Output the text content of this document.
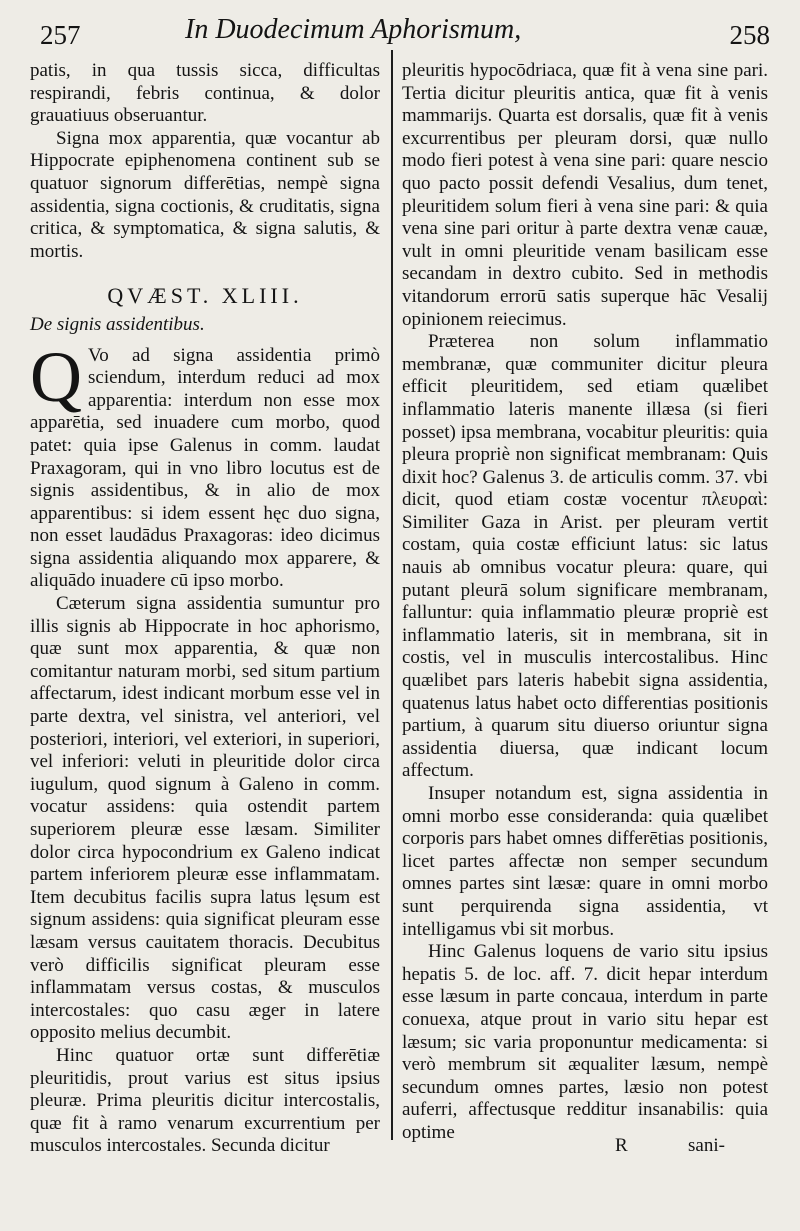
257	In Duodecimum Aphorismum,	258

patis, in qua tussis sicca, difficultas respirandi, febris continua, & dolor grauatiuus obseruantur.

Signa mox apparentia, quæ vocantur ab Hippocrate epiphenomena continent sub se quatuor signorum differētias, nempè signa assidentia, signa coctionis, & cruditatis, signa critica, & symptomatica, & signa salutis, & mortis.

QVÆST. XLIII.

De signis assidentibus.

Q Vo ad signa assidentia primò sciendum, interdum reduci ad mox apparentia: interdum non esse mox apparētia, sed inuadere cum morbo, quod patet: quia ipse Galenus in comm. laudat Praxagoram, qui in vno libro locutus est de signis assidentibus, & in alio de mox apparentibus: si idem essent hęc duo signa, non esset laudādus Praxagoras: ideo dicimus signa assidentia aliquando mox apparere, & aliquādo inuadere cū ipso morbo.

Cæterum signa assidentia sumuntur pro illis signis ab Hippocrate in hoc aphorismo, quæ sunt mox apparentia, & quæ non comitantur naturam morbi, sed situm partium affectarum, idest indicant morbum esse vel in parte dextra, vel sinistra, vel anteriori, vel posteriori, interiori, vel exteriori, in superiori, vel inferiori: veluti in pleuritide dolor circa iugulum, quod signum à Galeno in comm. vocatur assidens: quia ostendit partem superiorem pleuræ esse læsam. Similiter dolor circa hypocondrium ex Galeno indicat partem inferiorem pleuræ esse inflammatam. Item decubitus facilis supra latus lęsum est signum assidens: quia significat pleuram esse læsam versus cauitatem thoracis. Decubitus verò difficilis significat pleuram esse inflammatam versus costas, & musculos intercostales: quo casu æger in latere opposito melius decumbit.

Hinc quatuor ortæ sunt differētiæ pleuritidis, prout varius est situs ipsius pleuræ. Prima pleuritis dicitur intercostalis, quæ fit à ramo venarum excurrentium per musculos intercostales. Secunda dicitur

pleuritis hypocōdriaca, quæ fit à vena sine pari. Tertia dicitur pleuritis antica, quæ fit à venis mammarijs. Quarta est dorsalis, quæ fit à venis excurrentibus per pleuram dorsi, quæ nullo modo fieri potest à vena sine pari: quare nescio quo pacto possit defendi Vesalius, dum tenet, pleuritidem solum fieri à vena sine pari: & quia vena sine pari oritur à parte dextra venæ cauæ, vult in omni pleuritide venam basilicam esse secandam in dextro cubito. Sed in methodis vitandorum errorū satis superque hāc Vesalij opinionem reiecimus.

Præterea non solum inflammatio membranæ, quæ communiter dicitur pleura efficit pleuritidem, sed etiam quælibet inflammatio lateris manente illæsa (si fieri posset) ipsa membrana, vocabitur pleuritis: quia pleura propriè non significat membranam: Quis dixit hoc? Galenus 3. de articulis comm. 37. vbi dicit, quod etiam costæ vocentur πλευραὶ: Similiter Gaza in Arist. per pleuram vertit costam, quia costæ efficiunt latus: sic latus nauis ab omnibus vocatur pleura: quare, qui putant pleurā solum significare membranam, falluntur: quia inflammatio pleuræ propriè est inflammatio lateris, sit in membrana, sit in costis, vel in musculis intercostalibus. Hinc quælibet pars lateris habebit signa assidentia, quatenus latus habet octo differentias positionis partium, à quarum situ diuerso oriuntur signa assidentia diuersa, quæ indicant locum affectum.

Insuper notandum est, signa assidentia in omni morbo esse consideranda: quia quælibet corporis pars habet omnes differētias positionis, licet partes affectæ non semper secundum omnes partes sint læsæ: quare in omni morbo sunt perquirenda signa assidentia, vt intelligamus vbi sit morbus.

Hinc Galenus loquens de vario situ ipsius hepatis 5. de loc. aff. 7. dicit hepar interdum esse læsum in parte concaua, interdum in parte conuexa, atque prout in vario situ hepar est læsum; sic varia proponuntur medicamenta: si verò membrum sit æqualiter læsum, nempè secundum omnes partes, læsio non potest auferri, affectusque redditur insanabilis: quia optime

R	sani-
